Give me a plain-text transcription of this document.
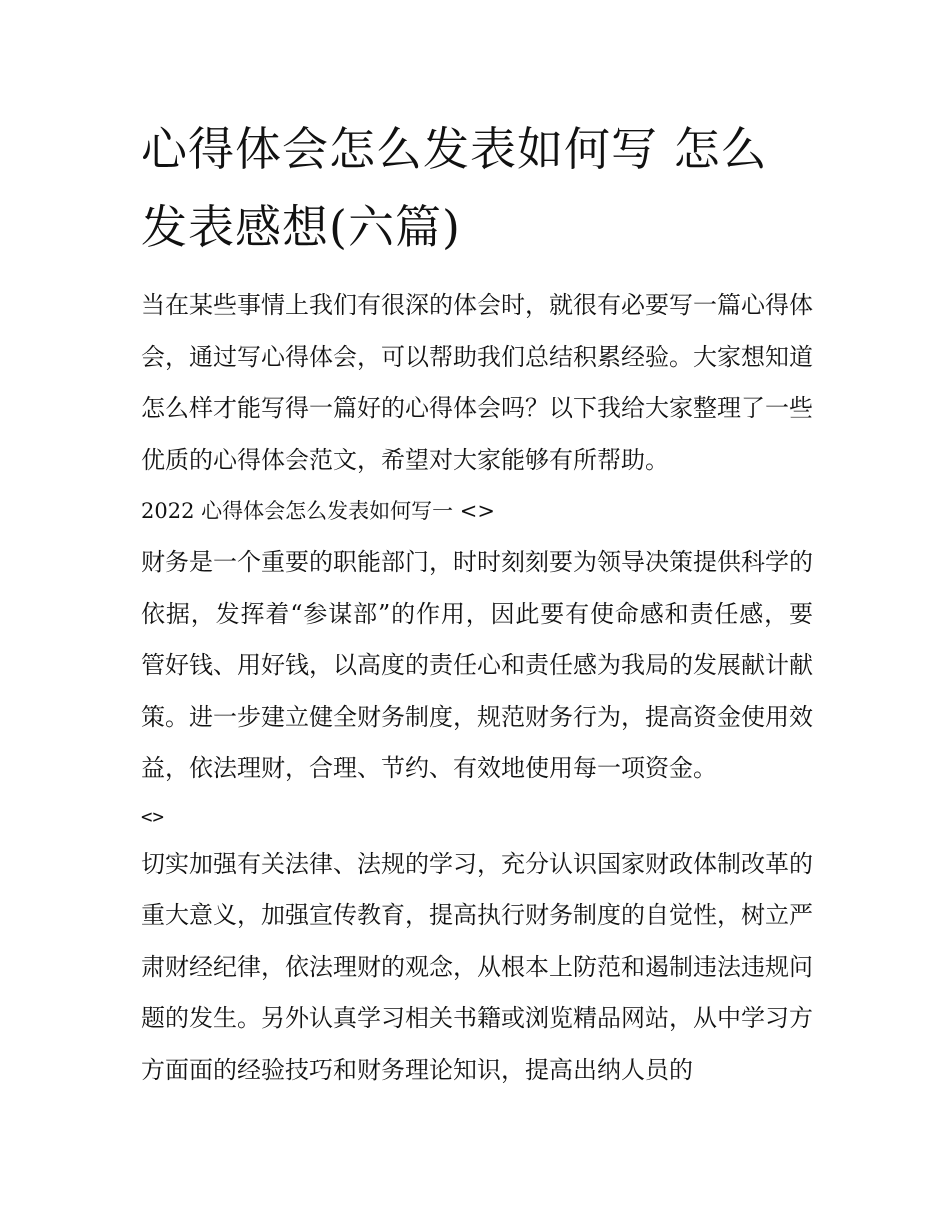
心得体会怎么发表如何写 怎么发表感想(六篇)

当在某些事情上我们有很深的体会时，就很有必要写一篇心得体会，通过写心得体会，可以帮助我们总结积累经验。大家想知道怎么样才能写得一篇好的心得体会吗？以下我给大家整理了一些优质的心得体会范文，希望对大家能够有所帮助。

2022 心得体会怎么发表如何写一 <>

财务是一个重要的职能部门，时时刻刻要为领导决策提供科学的依据，发挥着“参谋部”的作用，因此要有使命感和责任感，要管好钱、用好钱，以高度的责任心和责任感为我局的发展献计献策。进一步建立健全财务制度，规范财务行为，提高资金使用效益，依法理财，合理、节约、有效地使用每一项资金。

<>

切实加强有关法律、法规的学习，充分认识国家财政体制改革的重大意义，加强宣传教育，提高执行财务制度的自觉性，树立严肃财经纪律，依法理财的观念，从根本上防范和遏制违法违规问题的发生。另外认真学习相关书籍或浏览精品网站，从中学习方方面面的经验技巧和财务理论知识，提高出纳人员的
